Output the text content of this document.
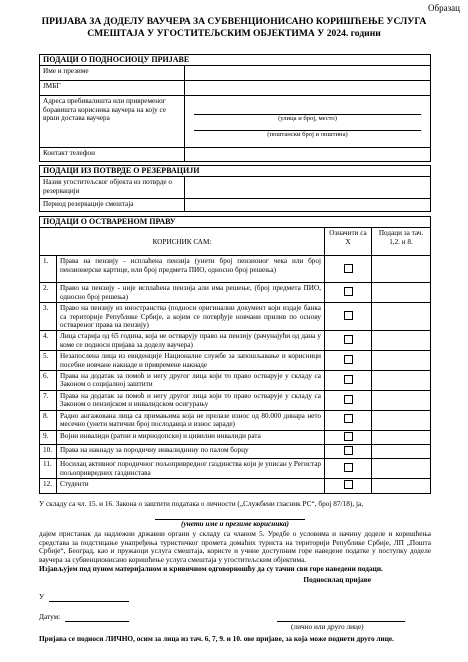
Образац
ПРИЈАВА ЗА ДОДЕЛУ ВАУЧЕРА ЗА СУБВЕНЦИОНИСАНО КОРИШЋЕЊЕ УСЛУГА
СМЕШТАЈА У УГОСТИТЕЉСКИМ ОБЈЕКТИМА У 2024. години
ПОДАЦИ О ПОДНОСИОЦУ ПРИЈАВЕ	
Име и презиме	
ЈМБГ	
Адреса пребивалишта или привременог боравишта корисника ваучера на коју се врши достава ваучера	(улица и број, место)
(поштански број и општина)

Контакт телефон	
ПОДАЦИ ИЗ ПОТВРДЕ О РЕЗЕРВАЦИЈИ	
Назив угоститељског објекта из потврде о резервацији	
Период резервације смештаја	
ПОДАЦИ О ОСТВАРЕНОМ ПРАВУ			
КОРИСНИК САМ:		Означити са X	Подаци за тач. 1,2. и 8.
1.	Права на пензију - исплаћена пензија (унети број пензионог чека или број пензионерске картице, или број предмета ПИО, односно број решења)		
2.	Право на пензију - није исплаћена пензија али има решење, (број предмета ПИО, односно број решења)		
3.	Право на пензију из иностранства (подноси оригинални документ који издаје банка са територије Републике Србије, а којим се потврђује новчани прилив по основу оствареног права на пензију)		
4.	Лица старија од 65 година, која не остварују право на пензију (рачунајући од дана у коме се подноси пријава за доделу ваучера)		
5.	Незапослена лица из евиденције Националне службе за запошљавање и корисници посебне новчане накнаде и привремене накнаде		
6.	Права на додатак за помоћ и негу другог лица који то право остварује у складу са Законом о социјалној заштити		
7.	Права на додатак за помоћ и негу другог лица који то право остварује у складу са Законом о пензијском и инвалидском осигурању		
8.	Радно ангажована лица са примањима која не прелазе износ од 80.000 динара нето месечно (унети матични број послодавца и износ зараде)		
9.	Војни инвалиди (ратни и мирнодопски) и цивилни инвалиди рата		
10.	Права на накнаду за породичну инвалиднину по палом борцу		
11.	Носилац активног породичног пољопривредног газдинства који је уписан у Регистар пољопривредних газдинстава		
12.	Студенти		
У складу са чл. 15. и 16. Закона о заштити података о личности („Службени гласник РС“, број 87/18), ја,
(унети име и презиме корисника)
дајем пристанак да надлежни државни органи у складу са чланом 5. Уредбе о условима и начину доделе и коришћења средстава за подстицање унапређења туристичког промета домаћих туриста на територији Републике Србије, ЛП „Пошта Србије“, Београд, као и пружаоци услуга смештаја, користе и учине доступним горе наведене податке у поступку доделе ваучера за субвенционисано коришћење услуга смештаја у угоститељским објектима.
Изјављујем под пуном материјалном и кривичном одговорношћу да су тачни сви горе наведени подаци.
Подносилац пријаве
У
Датум:
(лично или друго лице)
Пријава се подноси ЛИЧНО, осим за лица из тач. 6, 7, 9. и 10. ове пријаве, за која може поднети друго лице.
